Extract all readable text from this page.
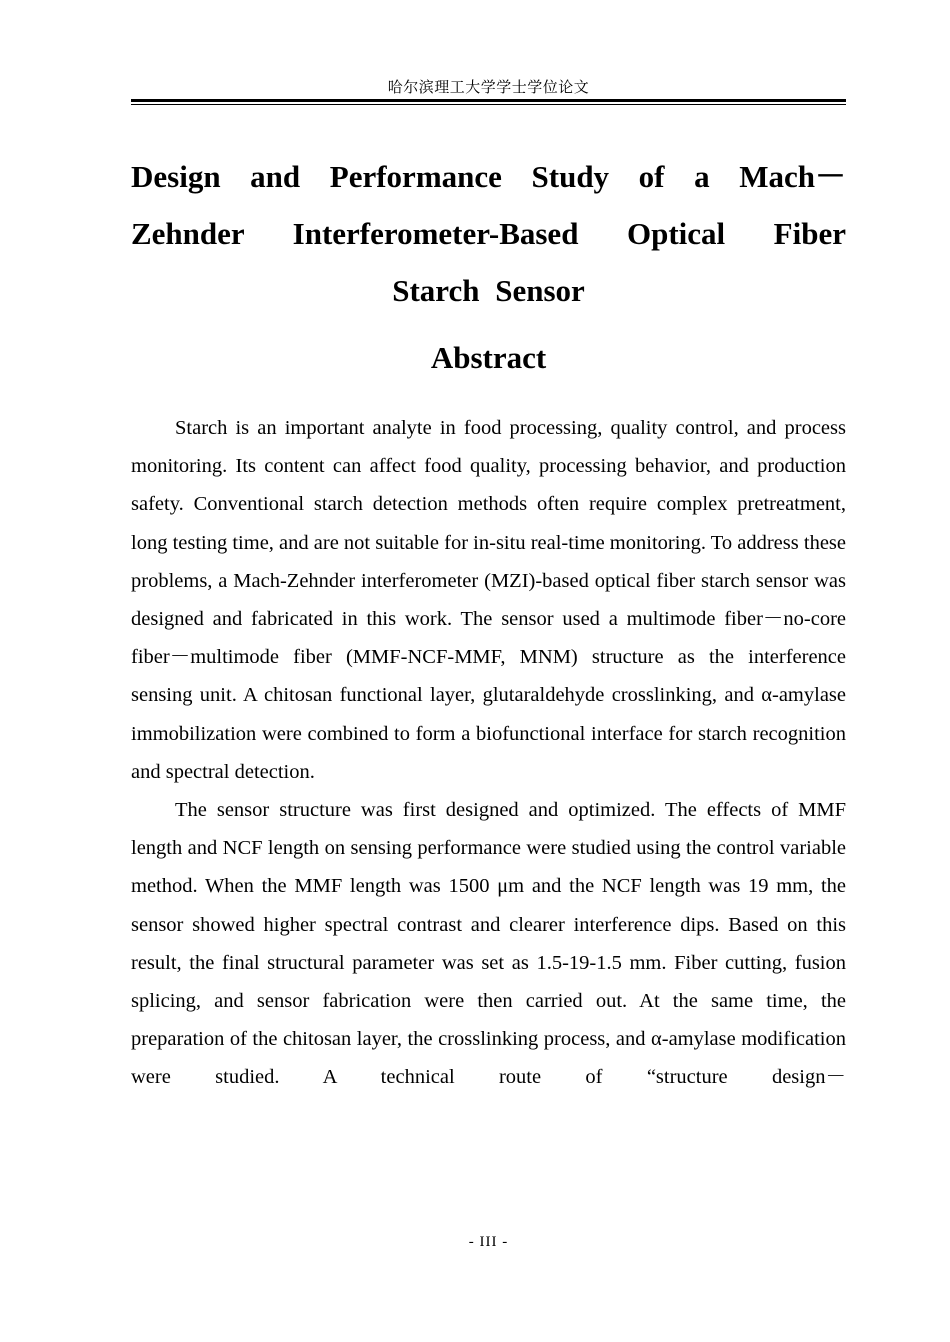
哈尔滨理工大学学士学位论文
Design and Performance Study of a Mach－
Zehnder Interferometer-Based Optical Fiber
Starch Sensor
Abstract

Starch is an important analyte in food processing, quality control, and process monitoring. Its content can affect food quality, processing behavior, and production safety. Conventional starch detection methods often require complex pretreatment, long testing time, and are not suitable for in-situ real-time monitoring. To address these problems, a Mach-Zehnder interferometer (MZI)-based optical fiber starch sensor was designed and fabricated in this work. The sensor used a multimode fiber－no-core fiber－multimode fiber (MMF-NCF-MMF, MNM) structure as the interference sensing unit. A chitosan functional layer, glutaraldehyde crosslinking, and α-amylase immobilization were combined to form a biofunctional interface for starch recognition and spectral detection.

The sensor structure was first designed and optimized. The effects of MMF length and NCF length on sensing performance were studied using the control variable method. When the MMF length was 1500 μm and the NCF length was 19 mm, the sensor showed higher spectral contrast and clearer interference dips. Based on this result, the final structural parameter was set as 1.5-19-1.5 mm. Fiber cutting, fusion splicing, and sensor fabrication were then carried out. At the same time, the preparation of the chitosan layer, the crosslinking process, and α-amylase modification were studied. A technical route of “structure design－

- III -
